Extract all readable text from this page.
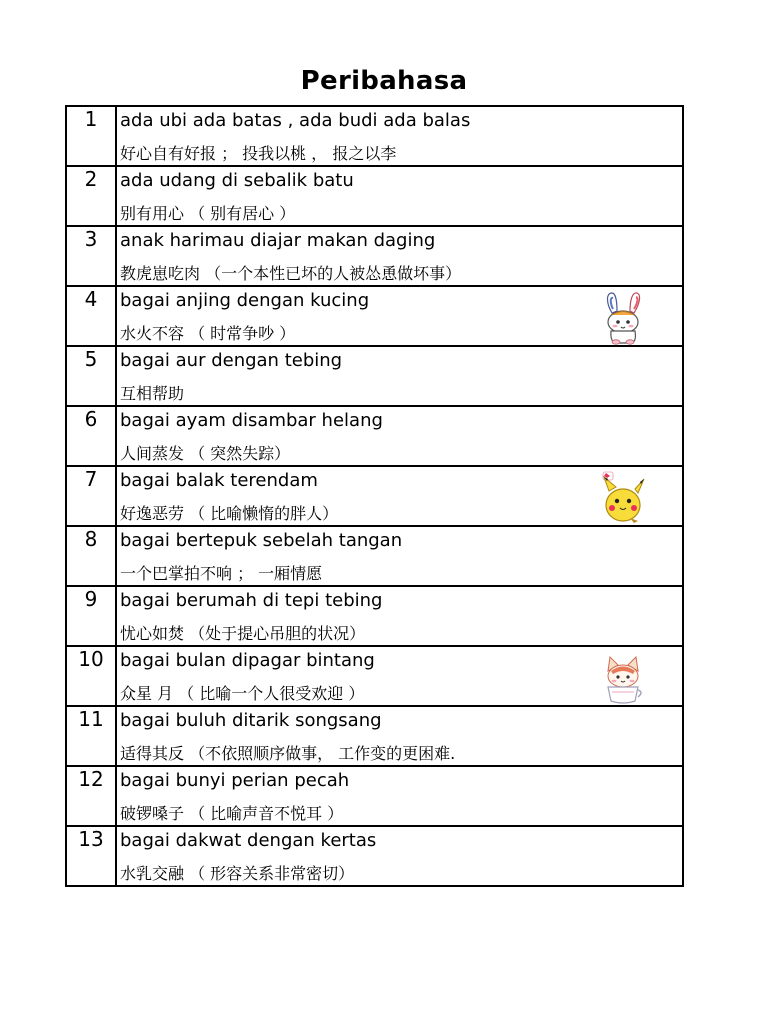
Peribahasa
1	ada ubi ada batas , ada budi ada balas
好心自有好报 ； 投我以桃 ， 报之以李

2	ada udang di sebalik batu
别有用心 （ 别有居心 ）

3	anak harimau diajar makan daging
教虎崽吃肉 （一个本性已坏的人被怂恿做坏事）

4	bagai anjing dengan kucing
水火不容 （ 时常争吵 ）

5	bagai aur dengan tebing
互相帮助

6	bagai ayam disambar helang
人间蒸发 （ 突然失踪）

7	bagai balak terendam
好逸恶劳 （ 比喻懒惰的胖人）

8	bagai bertepuk sebelah tangan
一个巴掌拍不响 ； 一厢情愿

9	bagai berumah di tepi tebing
忧心如焚 （处于提心吊胆的状况）

10	bagai bulan dipagar bintang
众星 月 （ 比喻一个人很受欢迎 ）

11	bagai buluh ditarik songsang
适得其反 （不依照顺序做事， 工作变的更困难.

12	bagai bunyi perian pecah
破锣嗓子 （ 比喻声音不悦耳 ）

13	bagai dakwat dengan kertas
水乳交融 （ 形容关系非常密切）
